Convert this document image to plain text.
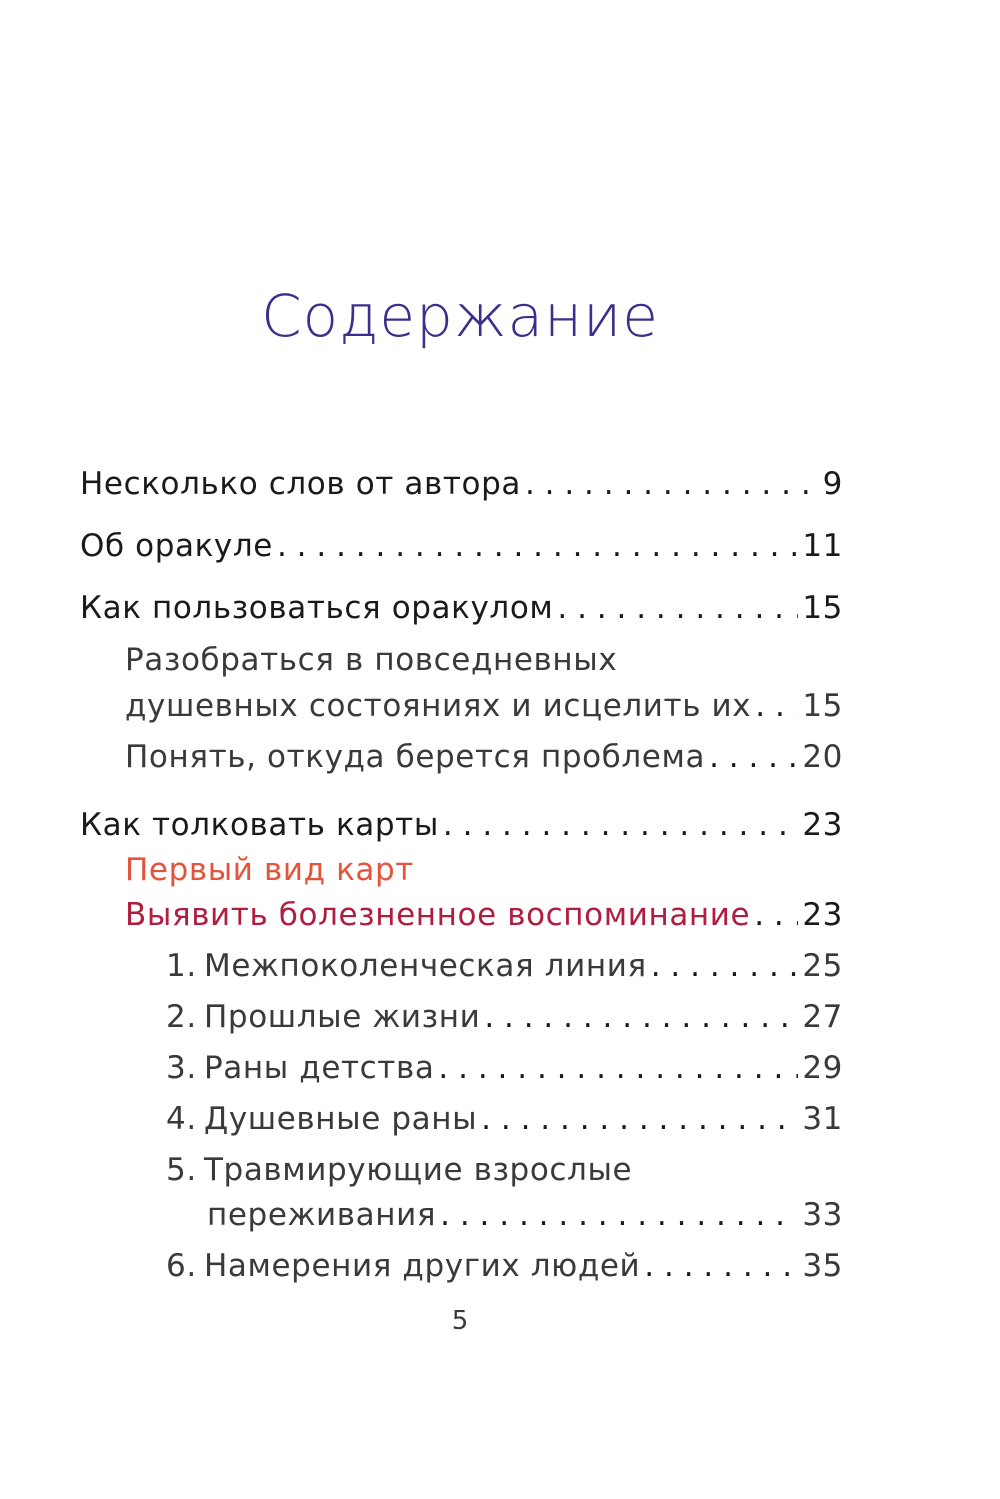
Содержание
Несколько слов от автора . . .	9
Об оракуле . . .	11
Как пользоваться оракулом . . .	15
Разобраться в повседневных
душевных состояниях и исцелить их . . . 15
Понять, откуда берется проблема . . .	20
Как толковать карты . . .	23
Первый вид карт
Выявить болезненное воспоминание . . . 23
1. Межпоколенческая линия . . .	25
2. Прошлые жизни . . .	27
3. Раны детства . . .	29
4. Душевные раны . . .	31
5. Травмирующие взрослые
переживания . . .	33
6. Намерения других людей . . .	35
5
